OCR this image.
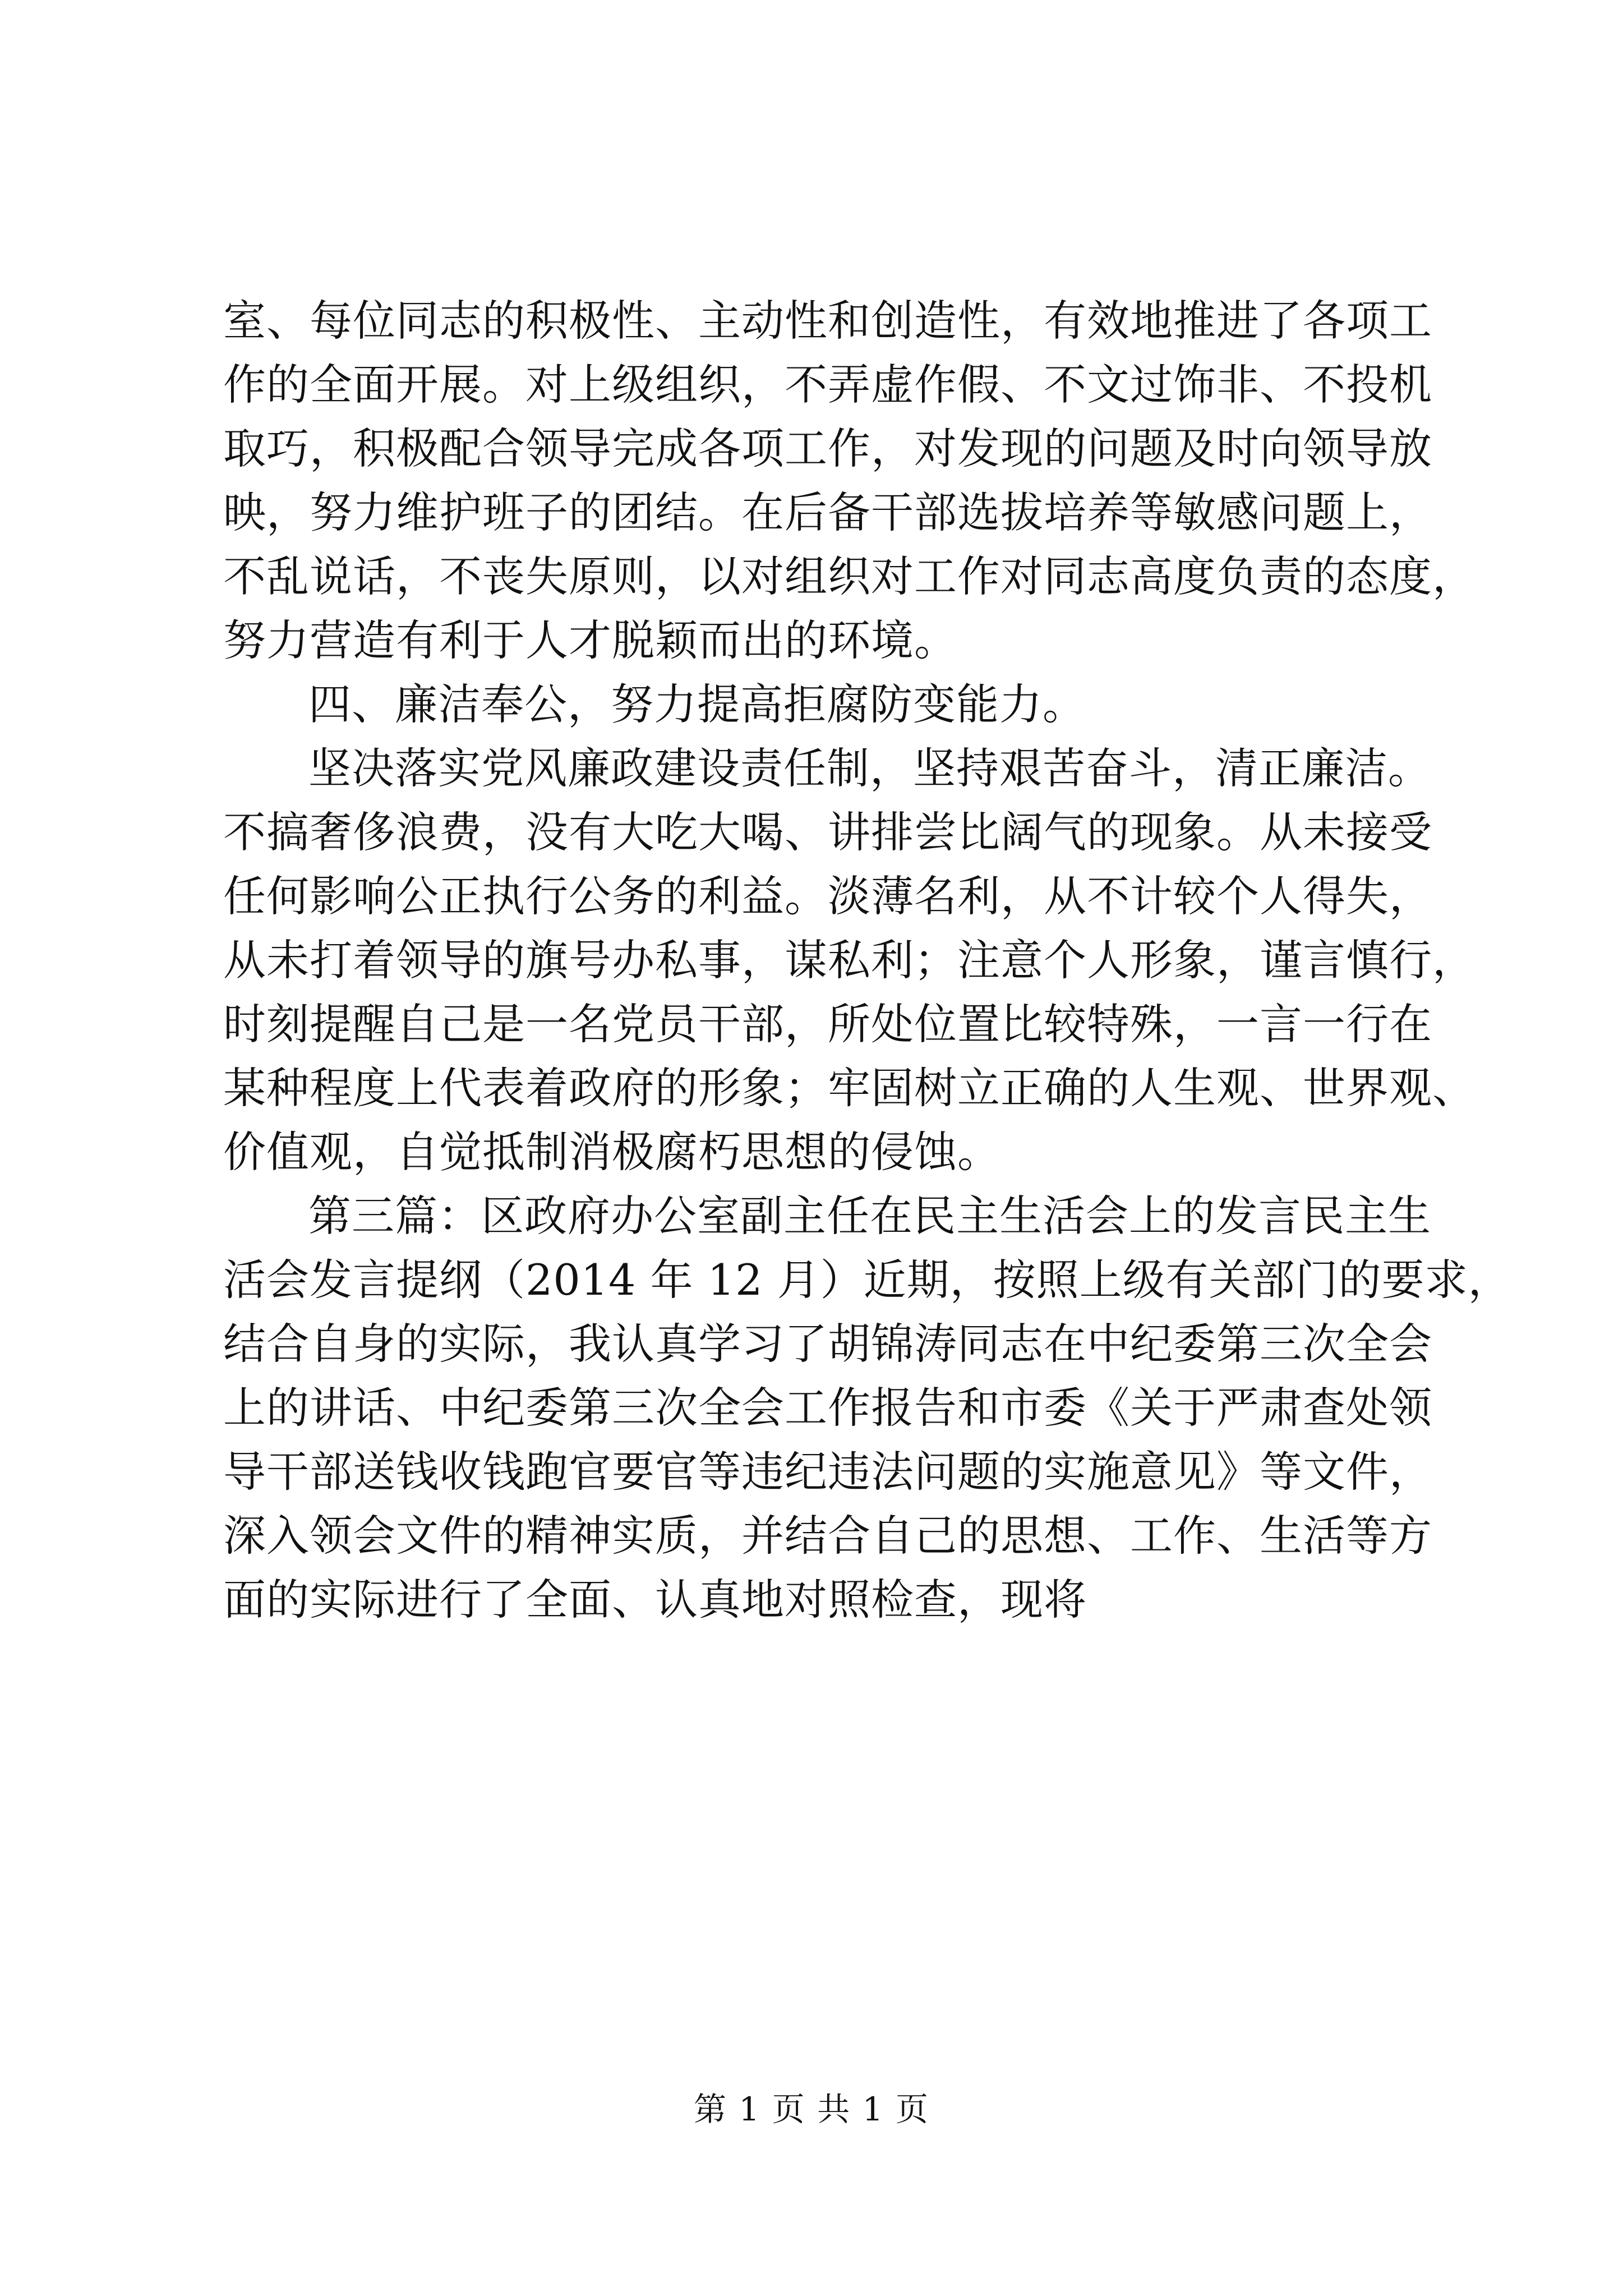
室、每位同志的积极性、主动性和创造性，有效地推进了各项工
作的全面开展。对上级组织，不弄虚作假、不文过饰非、不投机
取巧，积极配合领导完成各项工作，对发现的问题及时向领导放
映，努力维护班子的团结。在后备干部选拔培养等敏感问题上，
不乱说话，不丧失原则，以对组织对工作对同志高度负责的态度，
努力营造有利于人才脱颖而出的环境。
四、廉洁奉公，努力提高拒腐防变能力。
坚决落实党风廉政建设责任制，坚持艰苦奋斗，清正廉洁。
不搞奢侈浪费，没有大吃大喝、讲排尝比阔气的现象。从未接受
任何影响公正执行公务的利益。淡薄名利，从不计较个人得失，
从未打着领导的旗号办私事，谋私利；注意个人形象，谨言慎行，
时刻提醒自己是一名党员干部，所处位置比较特殊，一言一行在
某种程度上代表着政府的形象；牢固树立正确的人生观、世界观、
价值观，自觉抵制消极腐朽思想的侵蚀。
第三篇：区政府办公室副主任在民主生活会上的发言民主生
活会发言提纲（2014 年 12 月）近期，按照上级有关部门的要求，
结合自身的实际，我认真学习了胡锦涛同志在中纪委第三次全会
上的讲话、中纪委第三次全会工作报告和市委《关于严肃查处领
导干部送钱收钱跑官要官等违纪违法问题的实施意见》等文件，
深入领会文件的精神实质，并结合自己的思想、工作、生活等方
面的实际进行了全面、认真地对照检查，现将
第 1 页 共 1 页
